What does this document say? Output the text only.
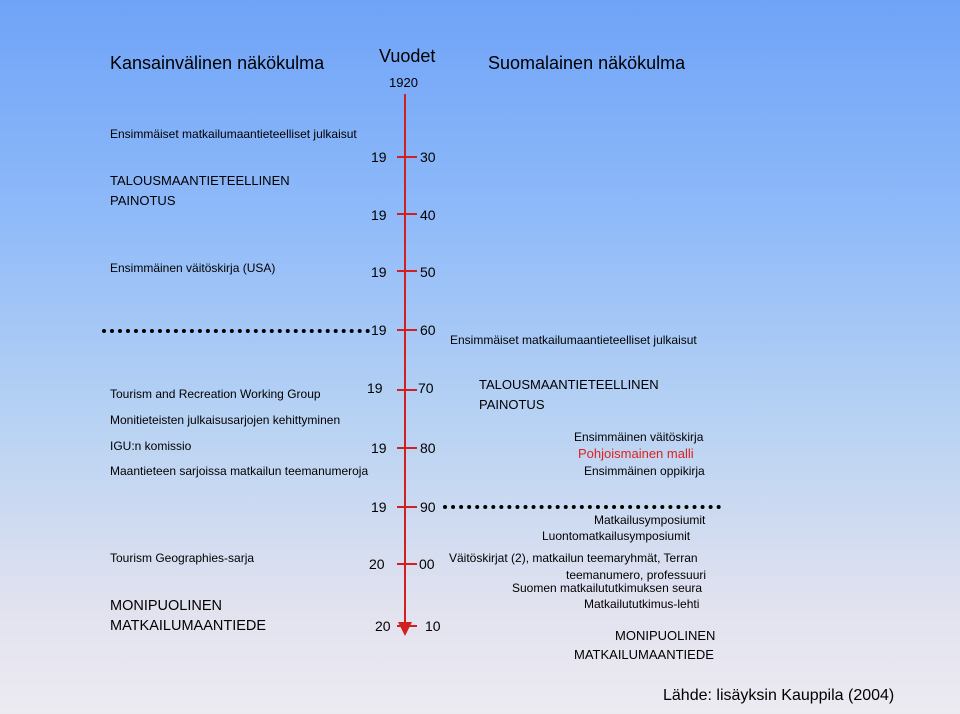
Kansainvälinen näkökulma	Vuodet	Suomalainen näkökulma
1920
19 30
19 40
19 50
19 60
19	70
19 80
19 90
20 00
20 10
Ensimmäiset matkailumaantieteelliset julkaisut
TALOUSMAANTIETEELLINEN
PAINOTUS
Ensimmäinen väitöskirja (USA)
Tourism and Recreation Working Group
Monitieteisten julkaisusarjojen kehittyminen
IGU:n komissio
Maantieteen sarjoissa matkailun teemanumeroja
Tourism Geographies-sarja
MONIPUOLINEN
MATKAILUMAANTIEDE
Ensimmäiset matkailumaantieteelliset julkaisut
TALOUSMAANTIETEELLINEN
PAINOTUS
Ensimmäinen väitöskirja
Pohjoismainen malli
Ensimmäinen oppikirja
Matkailusymposiumit
Luontomatkailusymposiumit
Väitöskirjat (2), matkailun teemaryhmät, Terran
teemanumero, professuuri
Suomen matkailututkimuksen seura
Matkailututkimus-lehti
MONIPUOLINEN
MATKAILUMAANTIEDE
Lähde: lisäyksin Kauppila (2004)
